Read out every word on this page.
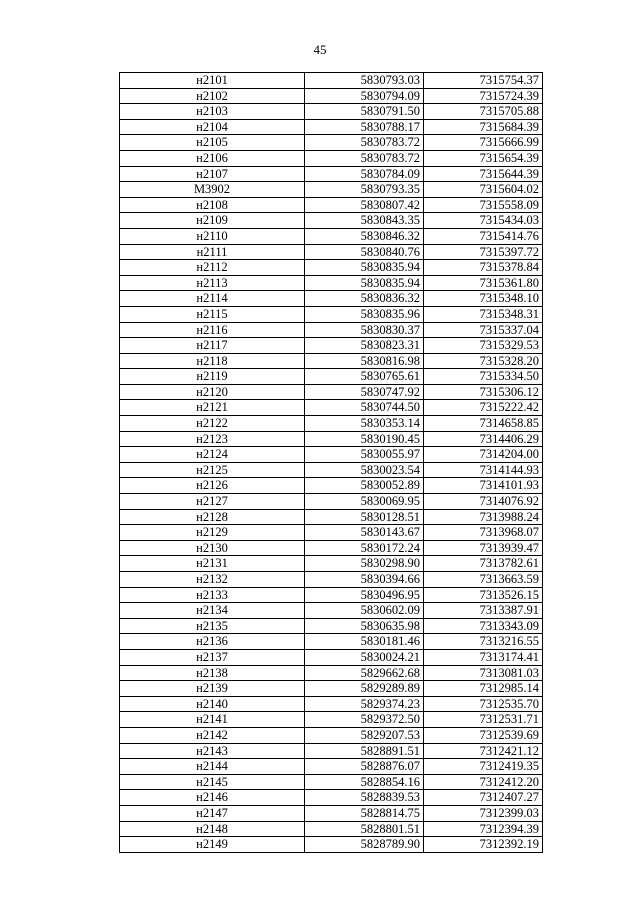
45
н2101	5830793.03	7315754.37
н2102	5830794.09	7315724.39
н2103	5830791.50	7315705.88
н2104	5830788.17	7315684.39
н2105	5830783.72	7315666.99
н2106	5830783.72	7315654.39
н2107	5830784.09	7315644.39
М3902	5830793.35	7315604.02
н2108	5830807.42	7315558.09
н2109	5830843.35	7315434.03
н2110	5830846.32	7315414.76
н2111	5830840.76	7315397.72
н2112	5830835.94	7315378.84
н2113	5830835.94	7315361.80
н2114	5830836.32	7315348.10
н2115	5830835.96	7315348.31
н2116	5830830.37	7315337.04
н2117	5830823.31	7315329.53
н2118	5830816.98	7315328.20
н2119	5830765.61	7315334.50
н2120	5830747.92	7315306.12
н2121	5830744.50	7315222.42
н2122	5830353.14	7314658.85
н2123	5830190.45	7314406.29
н2124	5830055.97	7314204.00
н2125	5830023.54	7314144.93
н2126	5830052.89	7314101.93
н2127	5830069.95	7314076.92
н2128	5830128.51	7313988.24
н2129	5830143.67	7313968.07
н2130	5830172.24	7313939.47
н2131	5830298.90	7313782.61
н2132	5830394.66	7313663.59
н2133	5830496.95	7313526.15
н2134	5830602.09	7313387.91
н2135	5830635.98	7313343.09
н2136	5830181.46	7313216.55
н2137	5830024.21	7313174.41
н2138	5829662.68	7313081.03
н2139	5829289.89	7312985.14
н2140	5829374.23	7312535.70
н2141	5829372.50	7312531.71
н2142	5829207.53	7312539.69
н2143	5828891.51	7312421.12
н2144	5828876.07	7312419.35
н2145	5828854.16	7312412.20
н2146	5828839.53	7312407.27
н2147	5828814.75	7312399.03
н2148	5828801.51	7312394.39
н2149	5828789.90	7312392.19
